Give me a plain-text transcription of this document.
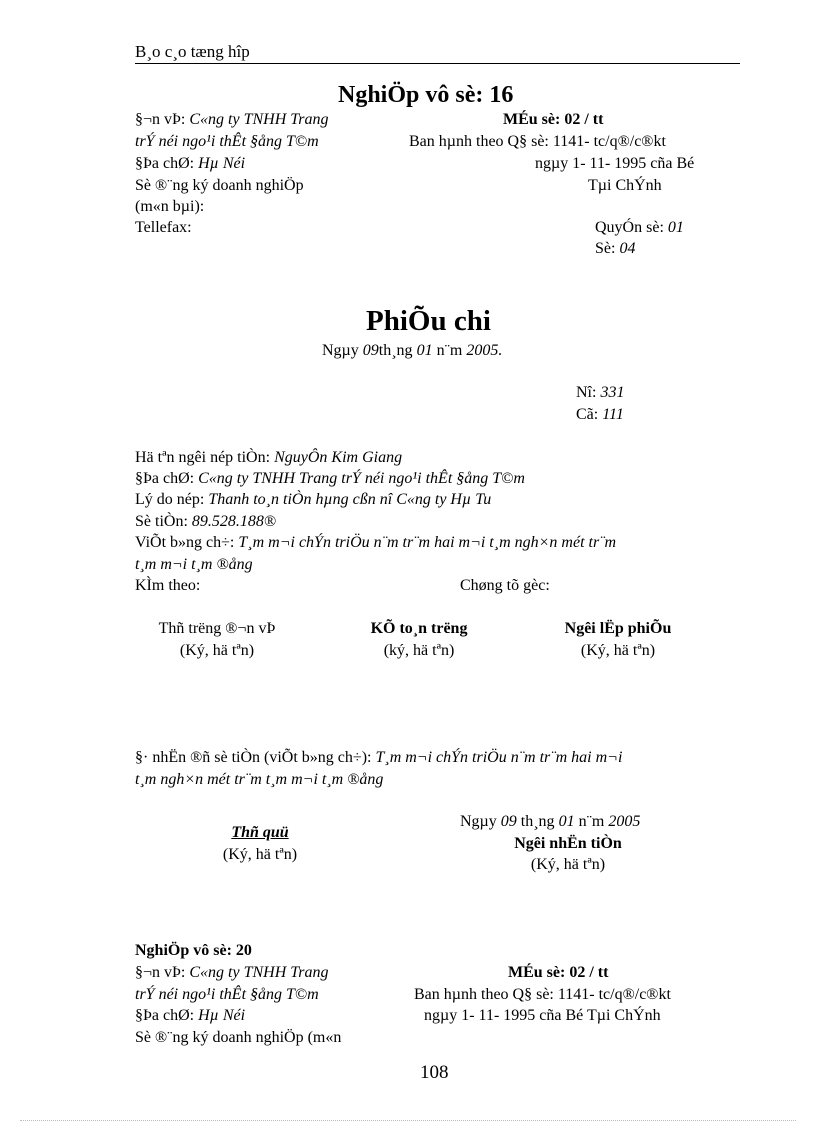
B¸o c¸o tæng hîp
NghiÖp vô sè: 16
§¬n vÞ: C«ng ty TNHH Trang
trÝ néi ngo¹i thÊt §ång T©m
§Þa chØ: Hµ Néi
Sè ®¨ng ký doanh nghiÖp
(m«n bµi):
Tellefax:
MÉu sè: 02 / tt
Ban hµnh theo Q§ sè: 1141- tc/q®/c®kt
ngµy 1- 11- 1995 cña Bé
Tµi ChÝnh
QuyÓn sè: 01
Sè: 04
PhiÕu chi
Ngµy 09th¸ng 01 n¨m 2005.
Nî: 331
Cã: 111
Hä tªn ngêi nép tiÒn: NguyÔn Kim Giang
§Þa chØ: C«ng ty TNHH Trang trÝ néi ngo¹i thÊt §ång T©m
Lý do nép: Thanh to¸n tiÒn hµng cßn nî C«ng ty Hµ Tu
Sè tiÒn: 89.528.188®
ViÕt b»ng ch÷: T¸m m¬i chÝn triÖu n¨m tr¨m hai m¬i t¸m ngh×n mét tr¨m
t¸m m¬i t¸m ®ång
KÌm theo:	Chøng tõ gèc:
Thñ trëng ®¬n vÞ
(Ký, hä tªn)
KÕ to¸n trëng
(ký, hä tªn)
Ngêi lËp phiÕu
(Ký, hä tªn)
§· nhËn ®ñ sè tiÒn (viÕt b»ng ch÷): T¸m m¬i chÝn triÖu n¨m tr¨m hai m¬i
t¸m ngh×n mét tr¨m t¸m m¬i t¸m ®ång
Thñ quü
(Ký, hä tªn)
Ngµy 09 th¸ng 01 n¨m 2005
Ngêi nhËn tiÒn
(Ký, hä tªn)
NghiÖp vô sè: 20
§¬n vÞ: C«ng ty TNHH Trang
trÝ néi ngo¹i thÊt §ång T©m
§Þa chØ: Hµ Néi
Sè ®¨ng ký doanh nghiÖp (m«n
MÉu sè: 02 / tt
Ban hµnh theo Q§ sè: 1141- tc/q®/c®kt
ngµy 1- 11- 1995 cña Bé Tµi ChÝnh
108
